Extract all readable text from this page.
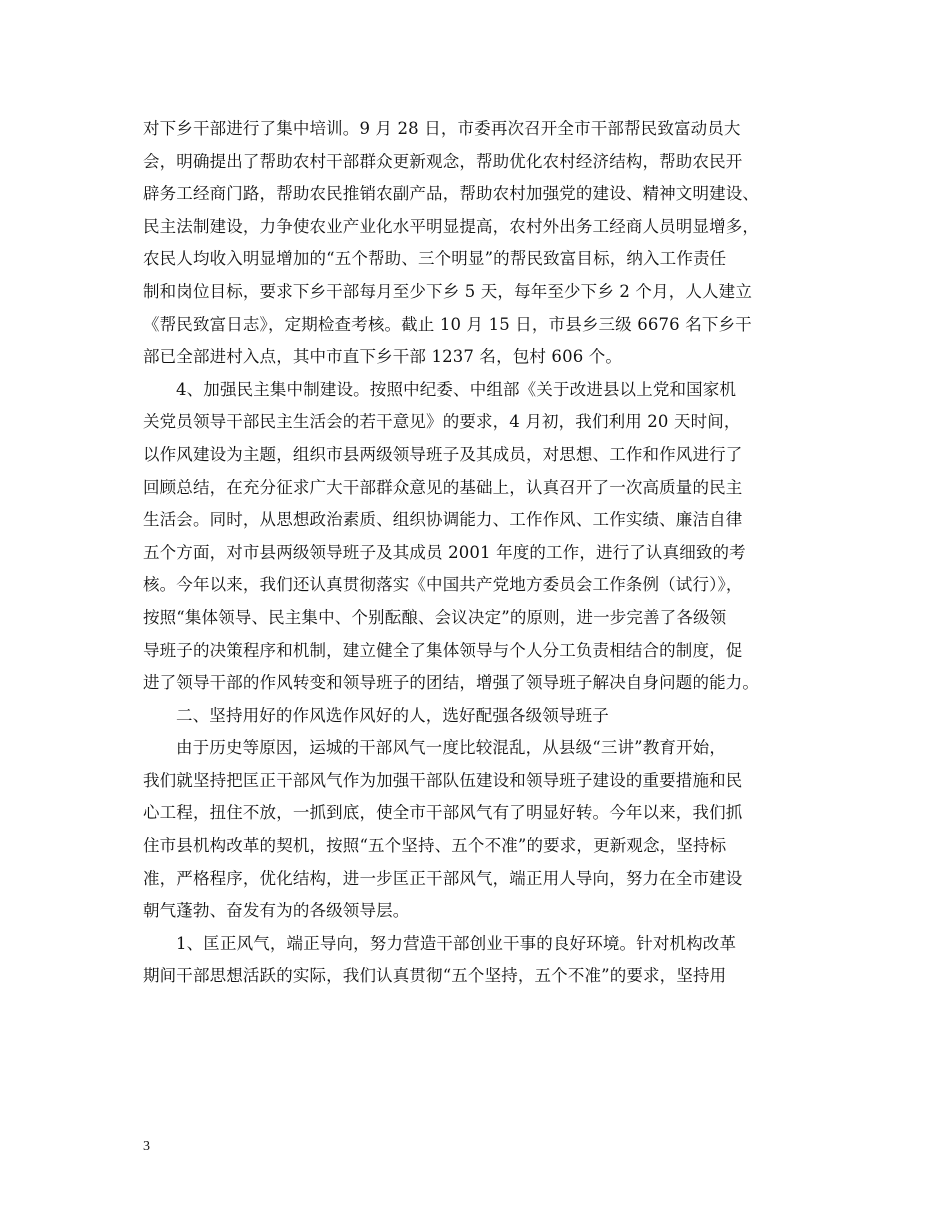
对下乡干部进行了集中培训。9 月 28 日，市委再次召开全市干部帮民致富动员大
会，明确提出了帮助农村干部群众更新观念，帮助优化农村经济结构，帮助农民开
辟务工经商门路，帮助农民推销农副产品，帮助农村加强党的建设、精神文明建设、
民主法制建设，力争使农业产业化水平明显提高，农村外出务工经商人员明显增多，
农民人均收入明显增加的“五个帮助、三个明显”的帮民致富目标，纳入工作责任
制和岗位目标，要求下乡干部每月至少下乡 5 天，每年至少下乡 2 个月，人人建立
《帮民致富日志》，定期检查考核。截止 10 月 15 日，市县乡三级 6676 名下乡干
部已全部进村入点，其中市直下乡干部 1237 名，包村 606 个。
4、加强民主集中制建设。按照中纪委、中组部《关于改进县以上党和国家机
关党员领导干部民主生活会的若干意见》的要求，4 月初，我们利用 20 天时间，
以作风建设为主题，组织市县两级领导班子及其成员，对思想、工作和作风进行了
回顾总结，在充分征求广大干部群众意见的基础上，认真召开了一次高质量的民主
生活会。同时，从思想政治素质、组织协调能力、工作作风、工作实绩、廉洁自律
五个方面，对市县两级领导班子及其成员 2001 年度的工作，进行了认真细致的考
核。今年以来，我们还认真贯彻落实《中国共产党地方委员会工作条例（试行）》，
按照“集体领导、民主集中、个别酝酿、会议决定”的原则，进一步完善了各级领
导班子的决策程序和机制，建立健全了集体领导与个人分工负责相结合的制度，促
进了领导干部的作风转变和领导班子的团结，增强了领导班子解决自身问题的能力。
二、坚持用好的作风选作风好的人，选好配强各级领导班子
由于历史等原因，运城的干部风气一度比较混乱，从县级“三讲”教育开始，
我们就坚持把匡正干部风气作为加强干部队伍建设和领导班子建设的重要措施和民
心工程，扭住不放，一抓到底，使全市干部风气有了明显好转。今年以来，我们抓
住市县机构改革的契机，按照“五个坚持、五个不准”的要求，更新观念，坚持标
准，严格程序，优化结构，进一步匡正干部风气，端正用人导向，努力在全市建设
朝气蓬勃、奋发有为的各级领导层。
1、匡正风气，端正导向，努力营造干部创业干事的良好环境。针对机构改革
期间干部思想活跃的实际，我们认真贯彻“五个坚持，五个不准”的要求，坚持用
3
